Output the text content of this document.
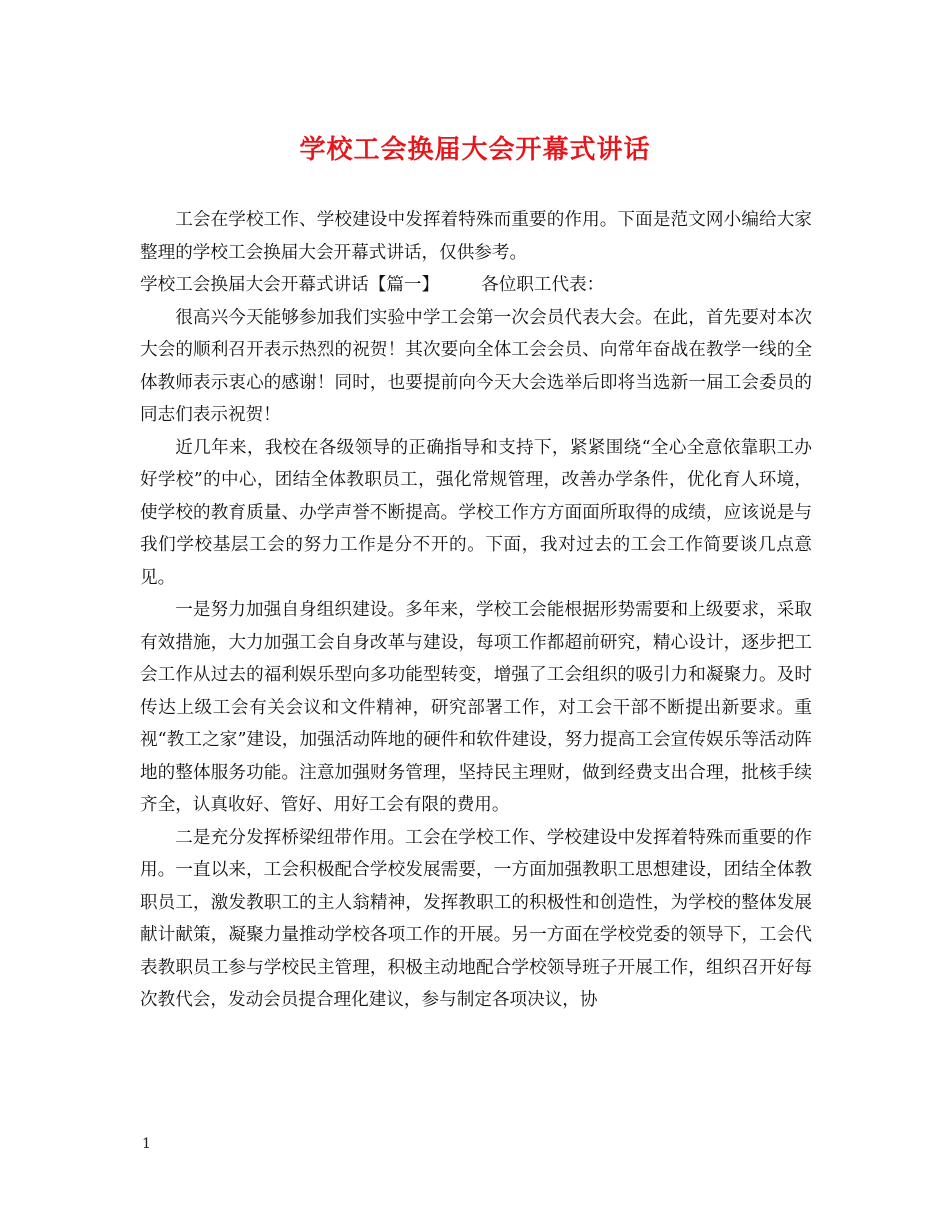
学校工会换届大会开幕式讲话

工会在学校工作、学校建设中发挥着特殊而重要的作用。下面是范文网小编给大家整理的学校工会换届大会开幕式讲话，仅供参考。

学校工会换届大会开幕式讲话【篇一】 各位职工代表：

很高兴今天能够参加我们实验中学工会第一次会员代表大会。在此，首先要对本次大会的顺利召开表示热烈的祝贺！其次要向全体工会会员、向常年奋战在教学一线的全体教师表示衷心的感谢！同时，也要提前向今天大会选举后即将当选新一届工会委员的同志们表示祝贺！

近几年来，我校在各级领导的正确指导和支持下，紧紧围绕“全心全意依靠职工办好学校”的中心，团结全体教职员工，强化常规管理，改善办学条件，优化育人环境，使学校的教育质量、办学声誉不断提高。学校工作方方面面所取得的成绩，应该说是与我们学校基层工会的努力工作是分不开的。下面，我对过去的工会工作简要谈几点意见。

一是努力加强自身组织建设。多年来，学校工会能根据形势需要和上级要求，采取有效措施，大力加强工会自身改革与建设，每项工作都超前研究，精心设计，逐步把工会工作从过去的福利娱乐型向多功能型转变，增强了工会组织的吸引力和凝聚力。及时传达上级工会有关会议和文件精神，研究部署工作，对工会干部不断提出新要求。重视“教工之家”建设，加强活动阵地的硬件和软件建设，努力提高工会宣传娱乐等活动阵地的整体服务功能。注意加强财务管理，坚持民主理财，做到经费支出合理，批核手续齐全，认真收好、管好、用好工会有限的费用。

二是充分发挥桥梁纽带作用。工会在学校工作、学校建设中发挥着特殊而重要的作用。一直以来，工会积极配合学校发展需要，一方面加强教职工思想建设，团结全体教职员工，激发教职工的主人翁精神，发挥教职工的积极性和创造性，为学校的整体发展献计献策，凝聚力量推动学校各项工作的开展。另一方面在学校党委的领导下，工会代表教职员工参与学校民主管理，积极主动地配合学校领导班子开展工作，组织召开好每次教代会，发动会员提合理化建议，参与制定各项决议，协

1
